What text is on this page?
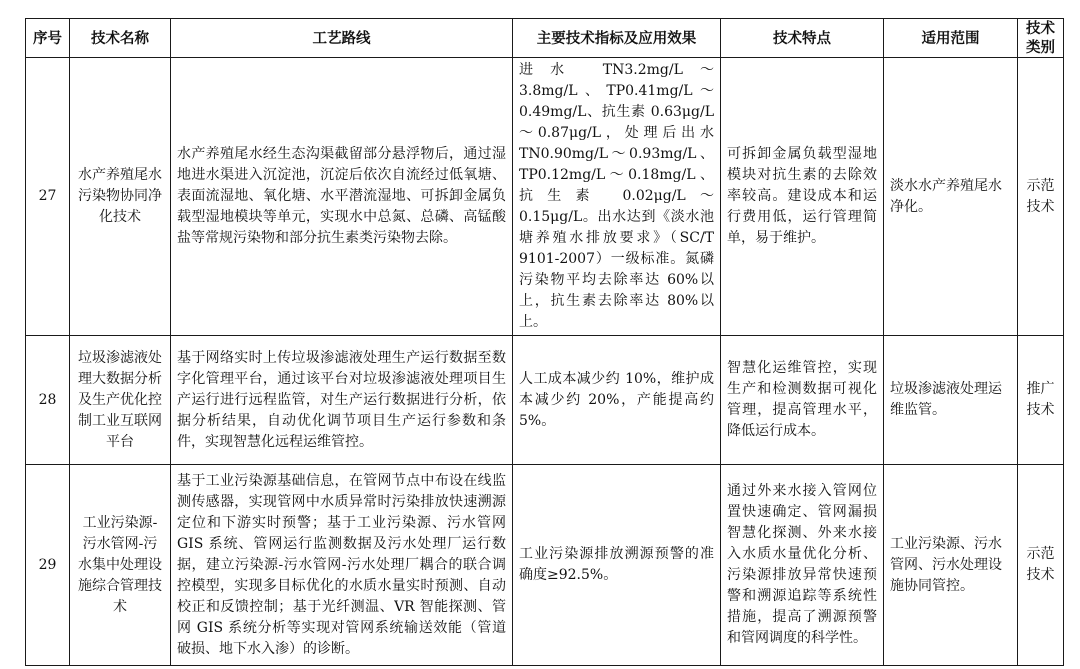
序号	技术名称	工艺路线	主要技术指标及应用效果	技术特点	适用范围	技术类别
27	水产养殖尾水污染物协同净化技术	水产养殖尾水经生态沟渠截留部分悬浮物后，通过湿地进水渠进入沉淀池，沉淀后依次自流经过低氧塘、表面流湿地、氧化塘、水平潜流湿地、可拆卸金属负载型湿地模块等单元，实现水中总氮、总磷、高锰酸盐等常规污染物和部分抗生素类污染物去除。	进水 TN3.2mg/L～3.8mg/L、TP0.41mg/L～0.49mg/L、抗生素 0.63μg/L～0.87μg/L，处理后出水 TN0.90mg/L～0.93mg/L、TP0.12mg/L～0.18mg/L、抗生素 0.02μg/L～0.15μg/L。出水达到《淡水池塘养殖水排放要求》（SC/T 9101-2007）一级标准。氮磷污染物平均去除率达 60%以上，抗生素去除率达 80%以上。	可拆卸金属负载型湿地模块对抗生素的去除效率较高。建设成本和运行费用低，运行管理简单，易于维护。	淡水水产养殖尾水净化。	示范技术
28	垃圾渗滤液处理大数据分析及生产优化控制工业互联网平台	基于网络实时上传垃圾渗滤液处理生产运行数据至数字化管理平台，通过该平台对垃圾渗滤液处理项目生产运行进行远程监管，对生产运行数据进行分析，依据分析结果，自动优化调节项目生产运行参数和条件，实现智慧化远程运维管控。	人工成本减少约 10%，维护成本减少约 20%，产能提高约 5%。	智慧化运维管控，实现生产和检测数据可视化管理，提高管理水平，降低运行成本。	垃圾渗滤液处理运维监管。	推广技术
29	工业污染源-污水管网-污水集中处理设施综合管理技术	基于工业污染源基础信息，在管网节点中布设在线监测传感器，实现管网中水质异常时污染排放快速溯源定位和下游实时预警；基于工业污染源、污水管网 GIS 系统、管网运行监测数据及污水处理厂运行数据，建立污染源-污水管网-污水处理厂耦合的联合调控模型，实现多目标优化的水质水量实时预测、自动校正和反馈控制；基于光纤测温、VR 智能探测、管网 GIS 系统分析等实现对管网系统输送效能（管道破损、地下水入渗）的诊断。	工业污染源排放溯源预警的准确度≥92.5%。	通过外来水接入管网位置快速确定、管网漏损智慧化探测、外来水接入水质水量优化分析、污染源排放异常快速预警和溯源追踪等系统性措施，提高了溯源预警和管网调度的科学性。	工业污染源、污水管网、污水处理设施协同管控。	示范技术
